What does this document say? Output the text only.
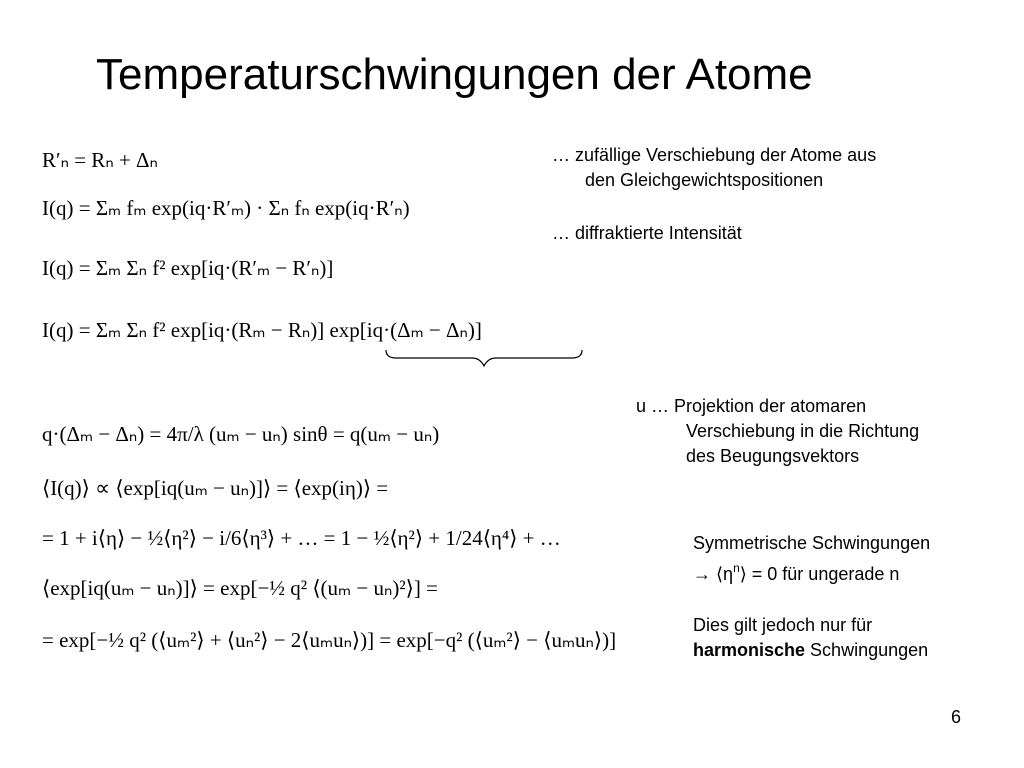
Temperaturschwingungen der Atome
R′ₙ = Rₙ + Δₙ
I(q) = Σₘ fₘ exp(iq·R′ₘ) · Σₙ fₙ exp(iq·R′ₙ)
I(q) = Σₘ Σₙ f² exp[iq·(R′ₘ − R′ₙ)]
I(q) = Σₘ Σₙ f² exp[iq·(Rₘ − Rₙ)] exp[iq·(Δₘ − Δₙ)]
q·(Δₘ − Δₙ) = 4π/λ (uₘ − uₙ) sinθ = q(uₘ − uₙ)
⟨I(q)⟩ ∝ ⟨exp[iq(uₘ − uₙ)]⟩ = ⟨exp(iη)⟩ =
= 1 + i⟨η⟩ − ½⟨η²⟩ − i/6⟨η³⟩ + … = 1 − ½⟨η²⟩ + 1/24⟨η⁴⟩ + …
⟨exp[iq(uₘ − uₙ)]⟩ = exp[−½ q² ⟨(uₘ − uₙ)²⟩] =
= exp[−½ q² (⟨uₘ²⟩ + ⟨uₙ²⟩ − 2⟨uₘuₙ⟩)] = exp[−q² (⟨uₘ²⟩ − ⟨uₘuₙ⟩)]
… zufällige Verschiebung der Atome aus
den Gleichgewichtspositionen
… diffraktierte Intensität
u … Projektion der atomaren
Verschiebung in die Richtung
des Beugungsvektors
Symmetrische Schwingungen
→ $⟨\eta^n⟩ = 0$ für ungerade n
Dies gilt jedoch nur für
harmonische Schwingungen
6
